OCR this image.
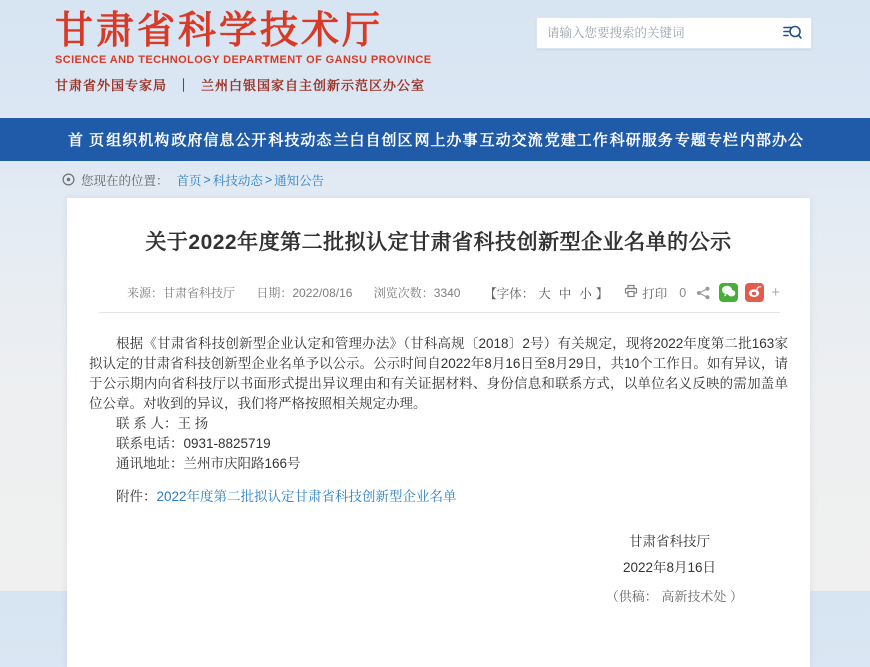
甘肃省科学技术厅
SCIENCE AND TECHNOLOGY DEPARTMENT OF GANSU PROVINCE
甘肃省外国专家局 ｜ 兰州白银国家自主创新示范区办公室
请输入您要搜索的关键词
首 页 组织机构 政府信息公开 科技动态 兰白自创区 网上办事 互动交流 党建工作 科研服务 专题专栏 内部办公
您现在的位置： 首页 > 科技动态 > 通知公告
关于2022年度第二批拟认定甘肃省科技创新型企业名单的公示
来源：甘肃省科技厅 日期：2022/08/16 浏览次数：3340	【字体： 大 中 小 】	打印 0	+

根据《甘肃省科技创新型企业认定和管理办法》（甘科高规〔2018〕2号）有关规定，现将2022年度第二批163家拟认定的甘肃省科技创新型企业名单予以公示。公示时间自2022年8月16日至8月29日，共10个工作日。如有异议，请于公示期内向省科技厅以书面形式提出异议理由和有关证据材料、身份信息和联系方式，以单位名义反映的需加盖单位公章。对收到的异议，我们将严格按照相关规定办理。

联 系 人：王 扬

联系电话：0931-8825719

通讯地址：兰州市庆阳路166号

附件：2022年度第二批拟认定甘肃省科技创新型企业名单
甘肃省科技厅
2022年8月16日
（供稿： 高新技术处 ）
